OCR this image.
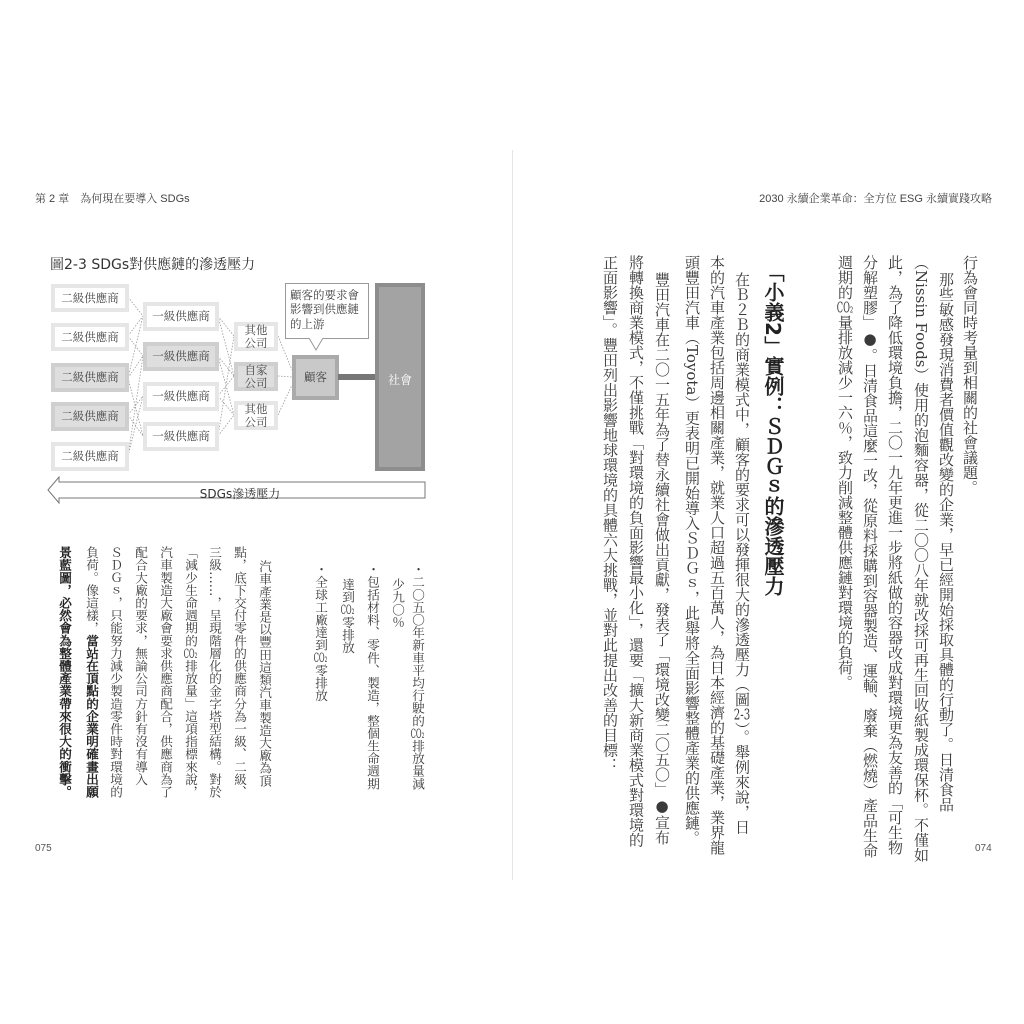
第 2 章　為何現在要導入 SDGs
075
圖2-3 SDGs對供應鏈的滲透壓力
二級供應商
二級供應商
二級供應商
二級供應商
二級供應商
一級供應商
一級供應商
一級供應商
一級供應商
其他公司
自家公司
其他公司
顧客
顧客的要求會影響到供應鏈的上游
社會
SDGs滲透壓力
・二〇五〇年新車平均行駛的CO₂排放量減
少九〇％
・包括材料、零件、製造，整個生命週期
達到CO₂零排放
・全球工廠達到CO₂零排放
汽車產業是以豐田這類汽車製造大廠為頂
點，底下交付零件的供應商分為一級、二級、
三級……，呈現階層化的金字塔型結構。對於
「減少生命週期的CO₂排放量」這項指標來說，
汽車製造大廠會要求供應商配合，供應商為了
配合大廠的要求，無論公司方針有沒有導入
ＳＤＧｓ，只能努力減少製造零件時對環境的
負荷。像這樣，當站在頂點的企業明確畫出願
景藍圖，必然會為整體產業帶來很大的衝擊。
2030 永續企業革命：全方位 ESG 永續實踐攻略
074
行為會同時考量到相關的社會議題。
那些敏感發現消費者價值觀改變的企業，早已經開始採取具體的行動了。日清食品
（Nissin Foods）使用的泡麵容器，從二〇〇八年就改採可再生回收紙製成環保杯。不僅如
此，為了降低環境負擔，二〇一九年更進一步將紙做的容器改成對環境更為友善的「可生物
分解塑膠」●。日清食品這麼一改，從原料採購到容器製造、運輸、廢棄（燃燒）產品生命
週期的CO₂量排放減少一六％，致力削減整體供應鏈對環境的負荷。
「小義2」實例：ＳＤＧｓ的滲透壓力
在Ｂ２Ｂ的商業模式中，顧客的要求可以發揮很大的滲透壓力（圖2-3）。舉例來說，日
本的汽車產業包括周邊相關產業，就業人口超過五百萬人，為日本經濟的基礎產業，業界龍
頭豐田汽車（Toyota）更表明已開始導入ＳＤＧｓ，此舉將全面影響整體產業的供應鏈。
豐田汽車在二〇一五年為了替永續社會做出貢獻，發表了「環境改變二〇五〇」●宣布
將轉換商業模式，不僅挑戰「對環境的負面影響最小化」，還要「擴大新商業模式對環境的
正面影響」。豐田列出影響地球環境的具體六大挑戰，並對此提出改善的目標：
